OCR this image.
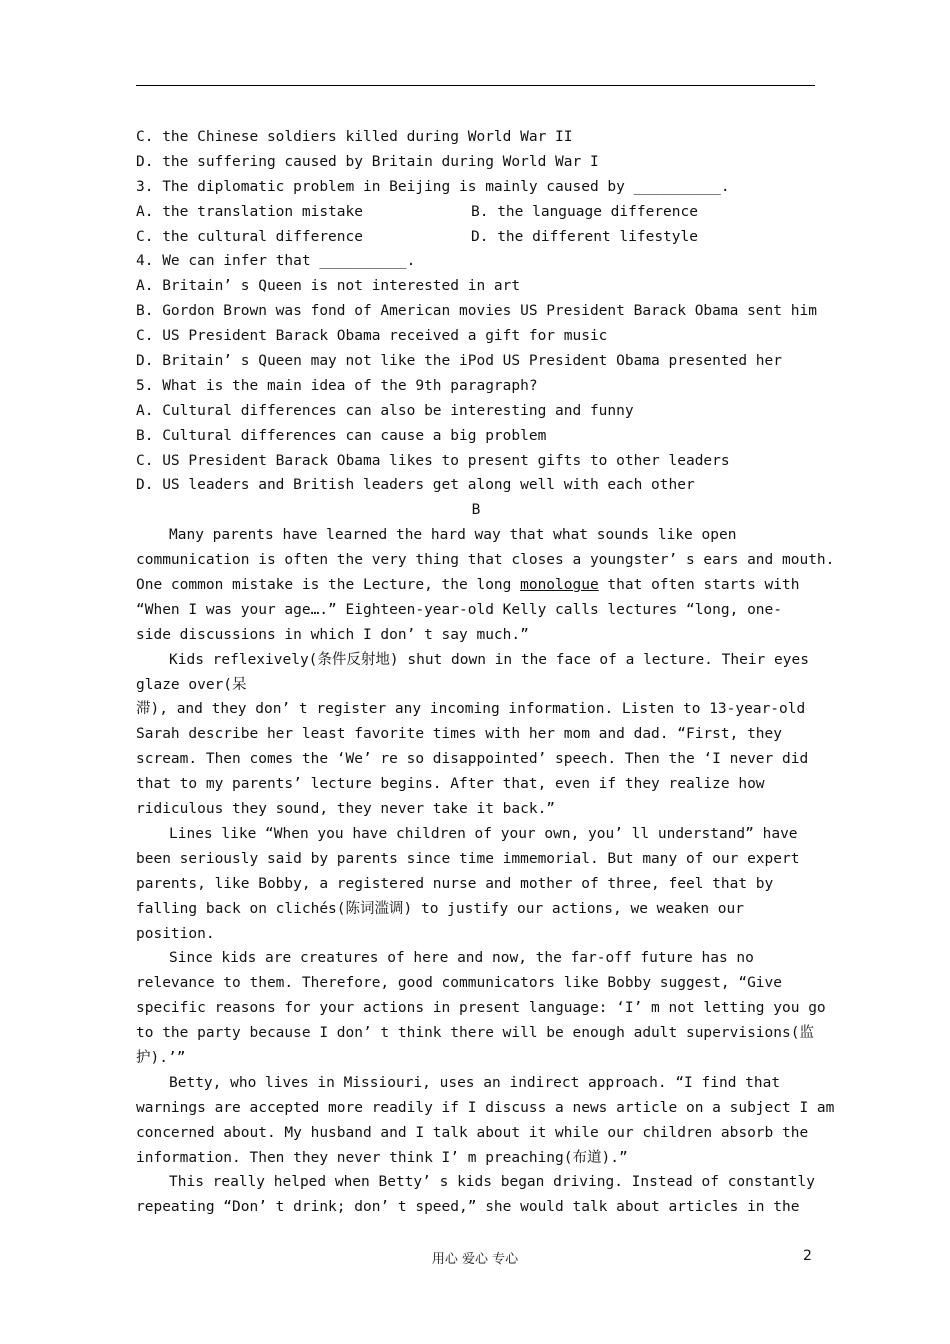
C. the Chinese soldiers killed during World War II
D. the suffering caused by Britain during World War I
3. The diplomatic problem in Beijing is mainly caused by __________.
A. the translation mistake	B. the language difference
C. the cultural difference	D. the different lifestyle
4. We can infer that __________.
A. Britain’ s Queen is not interested in art
B. Gordon Brown was fond of American movies US President Barack Obama sent him
C. US President Barack Obama received a gift for music
D. Britain’ s Queen may not like the iPod US President Obama presented her
5. What is the main idea of the 9th paragraph?
A. Cultural differences can also be interesting and funny
B. Cultural differences can cause a big problem
C. US President Barack Obama likes to present gifts to other leaders
D. US leaders and British leaders get along well with each other
B
Many parents have learned the hard way that what sounds like open
communication is often the very thing that closes a youngster’ s ears and mouth.
One common mistake is the Lecture, the long monologue that often starts with
“When I was your age….” Eighteen-year-old Kelly calls lectures “long, one-
side discussions in which I don’ t say much.”
Kids reflexively(条件反射地) shut down in the face of a lecture. Their eyes
glaze over(呆
滞), and they don’ t register any incoming information. Listen to 13-year-old
Sarah describe her least favorite times with her mom and dad. “First, they
scream. Then comes the ‘We’ re so disappointed’ speech. Then the ‘I never did
that to my parents’ lecture begins. After that, even if they realize how
ridiculous they sound, they never take it back.”
Lines like “When you have children of your own, you’ ll understand” have
been seriously said by parents since time immemorial. But many of our expert
parents, like Bobby, a registered nurse and mother of three, feel that by
falling back on clichés(陈词滥调) to justify our actions, we weaken our
position.
Since kids are creatures of here and now, the far-off future has no
relevance to them. Therefore, good communicators like Bobby suggest, “Give
specific reasons for your actions in present language: ‘I’ m not letting you go
to the party because I don’ t think there will be enough adult supervisions(监
护).’”
Betty, who lives in Missiouri, uses an indirect approach. “I find that
warnings are accepted more readily if I discuss a news article on a subject I am
concerned about. My husband and I talk about it while our children absorb the
information. Then they never think I’ m preaching(布道).”
This really helped when Betty’ s kids began driving. Instead of constantly
repeating “Don’ t drink; don’ t speed,” she would talk about articles in the
用心 爱心 专心	2
